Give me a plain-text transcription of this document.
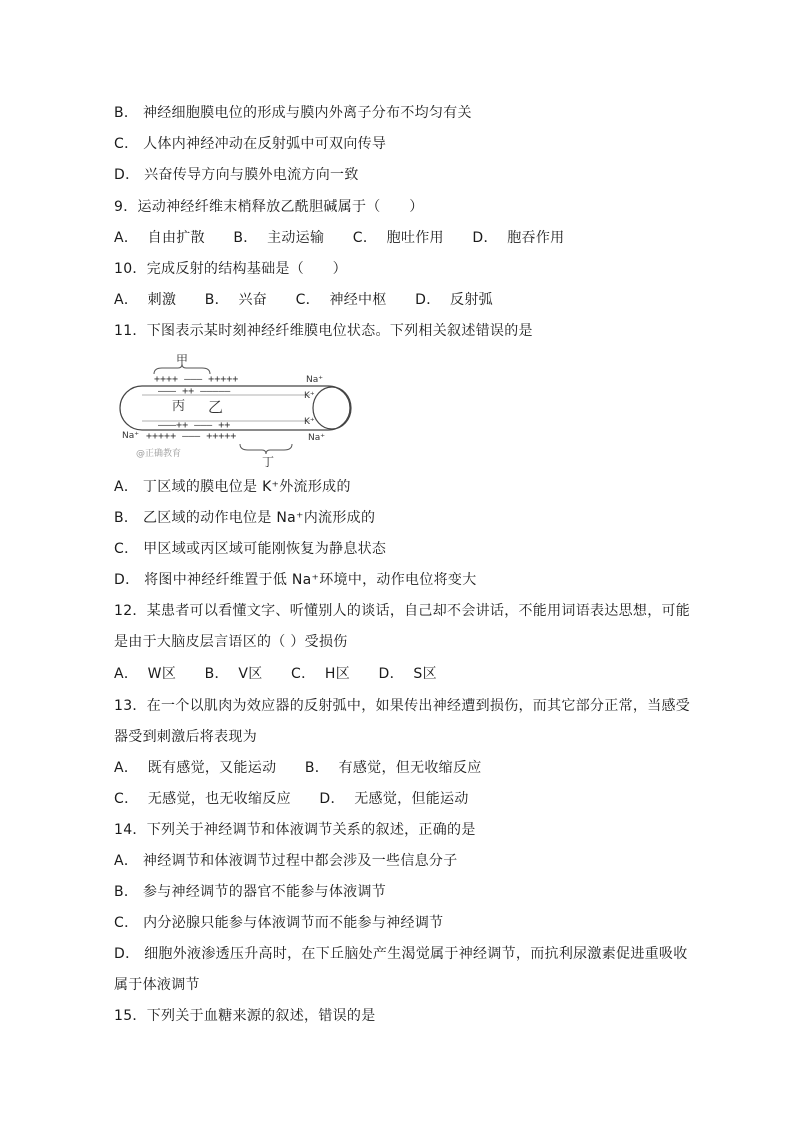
B． 神经细胞膜电位的形成与膜内外离子分布不均匀有关
C． 人体内神经冲动在反射弧中可双向传导
D． 兴奋传导方向与膜外电流方向一致
9．运动神经纤维末梢释放乙酰胆碱属于（　　）
A．  自由扩散      B．  主动运输      C．  胞吐作用      D．  胞吞作用
10．完成反射的结构基础是（　　）
A．  刺激      B．  兴奋      C．  神经中枢      D．  反射弧
11．下图表示某时刻神经纤维膜电位状态。下列相关叙述错误的是
甲
++++ ––– +++++	Na⁺
––– ++ –––––	K⁺
丙 乙
–––++ ––– ++	K⁺
Na⁺ +++++ ––– +++++	Na⁺
丁
@正确教育
A． 丁区域的膜电位是 K⁺外流形成的
B． 乙区域的动作电位是 Na⁺内流形成的
C． 甲区域或丙区域可能刚恢复为静息状态
D． 将图中神经纤维置于低 Na⁺环境中，动作电位将变大
12．某患者可以看懂文字、听懂别人的谈话，自己却不会讲话，不能用词语表达思想，可能
是由于大脑皮层言语区的（ ）受损伤
A．  W区      B．  V区      C．  H区      D．  S区
13．在一个以肌肉为效应器的反射弧中，如果传出神经遭到损伤，而其它部分正常，当感受
器受到刺激后将表现为
A．  既有感觉，又能运动      B．  有感觉，但无收缩反应
C．  无感觉，也无收缩反应      D．  无感觉，但能运动
14．下列关于神经调节和体液调节关系的叙述，正确的是
A． 神经调节和体液调节过程中都会涉及一些信息分子
B． 参与神经调节的器官不能参与体液调节
C． 内分泌腺只能参与体液调节而不能参与神经调节
D． 细胞外液渗透压升高时，在下丘脑处产生渴觉属于神经调节，而抗利尿激素促进重吸收
属于体液调节
15．下列关于血糖来源的叙述，错误的是
